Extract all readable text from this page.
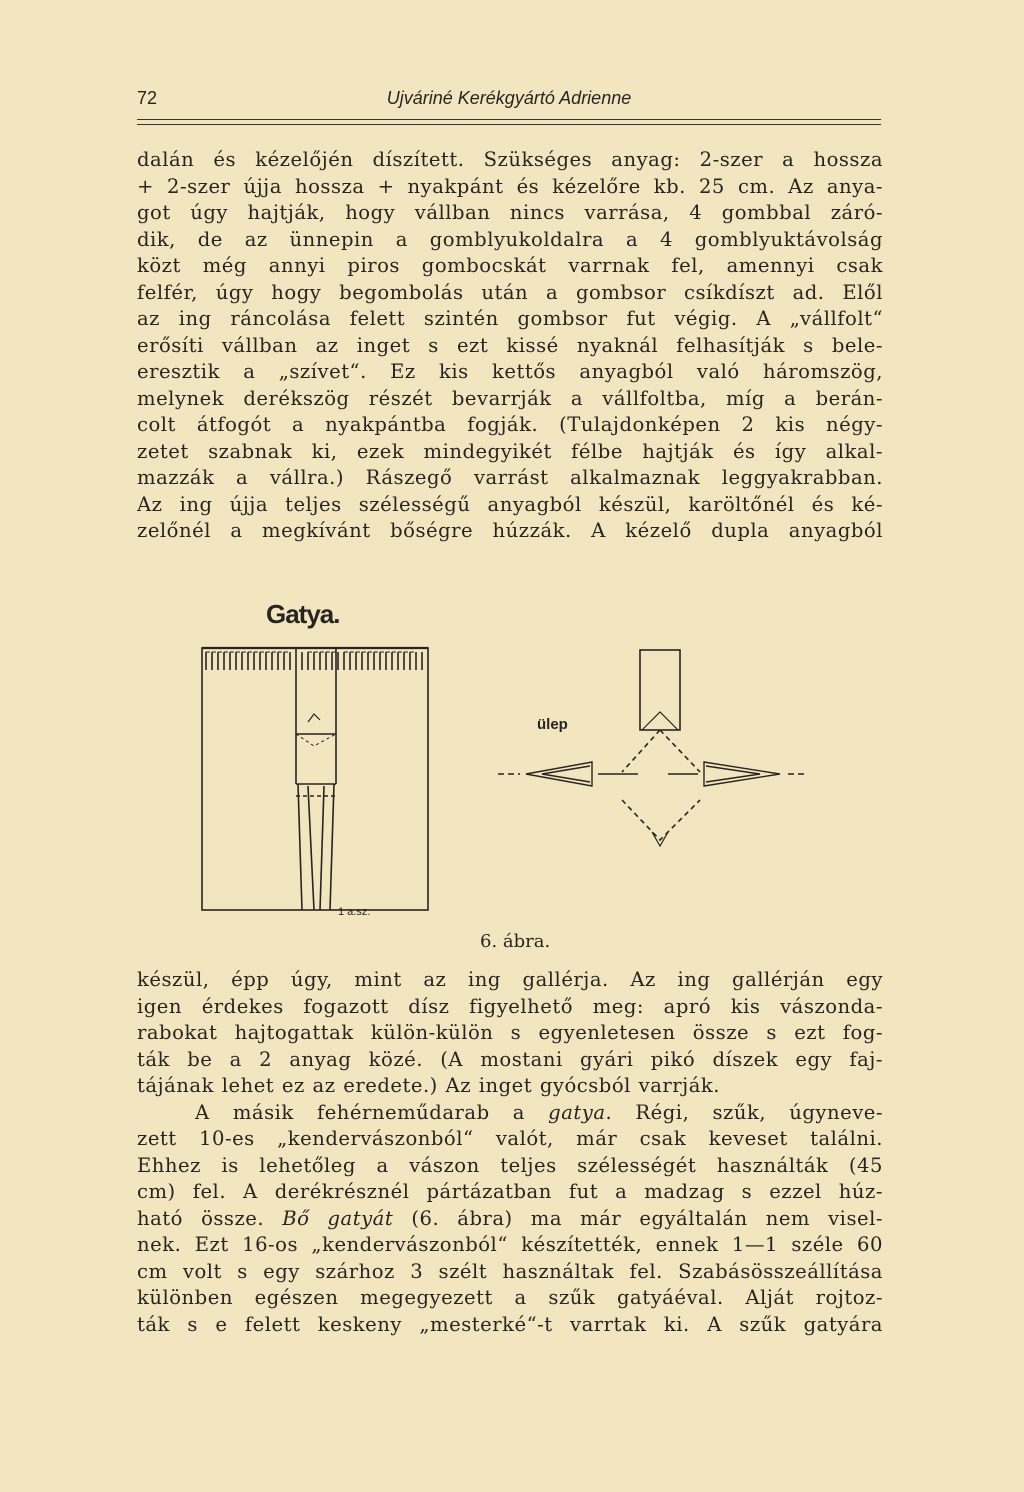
72	Ujváriné Kerékgyártó Adrienne
dalán és kézelőjén díszített. Szükséges anyag: 2-szer a hossza
+ 2-szer újja hossza + nyakpánt és kézelőre kb. 25 cm. Az anya-
got úgy hajtják, hogy vállban nincs varrása, 4 gombbal záró-
dik, de az ünnepin a gomblyukoldalra a 4 gomblyuktávolság
közt még annyi piros gombocskát varrnak fel, amennyi csak
felfér, úgy hogy begombolás után a gombsor csíkdíszt ad. Elől
az ing ráncolása felett szintén gombsor fut végig. A „vállfolt“
erősíti vállban az inget s ezt kissé nyaknál felhasítják s bele-
eresztik a „szívet“. Ez kis kettős anyagból való háromszög,
melynek derékszög részét bevarrják a vállfoltba, míg a berán-
colt átfogót a nyakpántba fogják. (Tulajdonképen 2 kis négy-
zetet szabnak ki, ezek mindegyikét félbe hajtják és így alkal-
mazzák a vállra.) Rászegő varrást alkalmaznak leggyakrabban.
Az ing újja teljes szélességű anyagból készül, karöltőnél és ké-
zelőnél a megkívánt bőségre húzzák. A kézelő dupla anyagból
Gatya.
ülep
1 a.sz.
6. ábra.
készül, épp úgy, mint az ing gallérja. Az ing gallérján egy
igen érdekes fogazott dísz figyelhető meg: apró kis vászonda-
rabokat hajtogattak külön-külön s egyenletesen össze s ezt fog-
ták be a 2 anyag közé. (A mostani gyári pikó díszek egy faj-
tájának lehet ez az eredete.) Az inget gyócsból varrják.
A másik fehérneműdarab a gatya. Régi, szűk, úgyneve-
zett 10-es „kendervászonból“ valót, már csak keveset találni.
Ehhez is lehetőleg a vászon teljes szélességét használták (45
cm) fel. A derékrésznél pártázatban fut a madzag s ezzel húz-
ható össze. Bő gatyát (6. ábra) ma már egyáltalán nem visel-
nek. Ezt 16-os „kendervászonból“ készítették, ennek 1—1 széle 60
cm volt s egy szárhoz 3 szélt használtak fel. Szabásösszeállítása
különben egészen megegyezett a szűk gatyáéval. Alját rojtoz-
ták s e felett keskeny „mesterké“-t varrtak ki. A szűk gatyára
